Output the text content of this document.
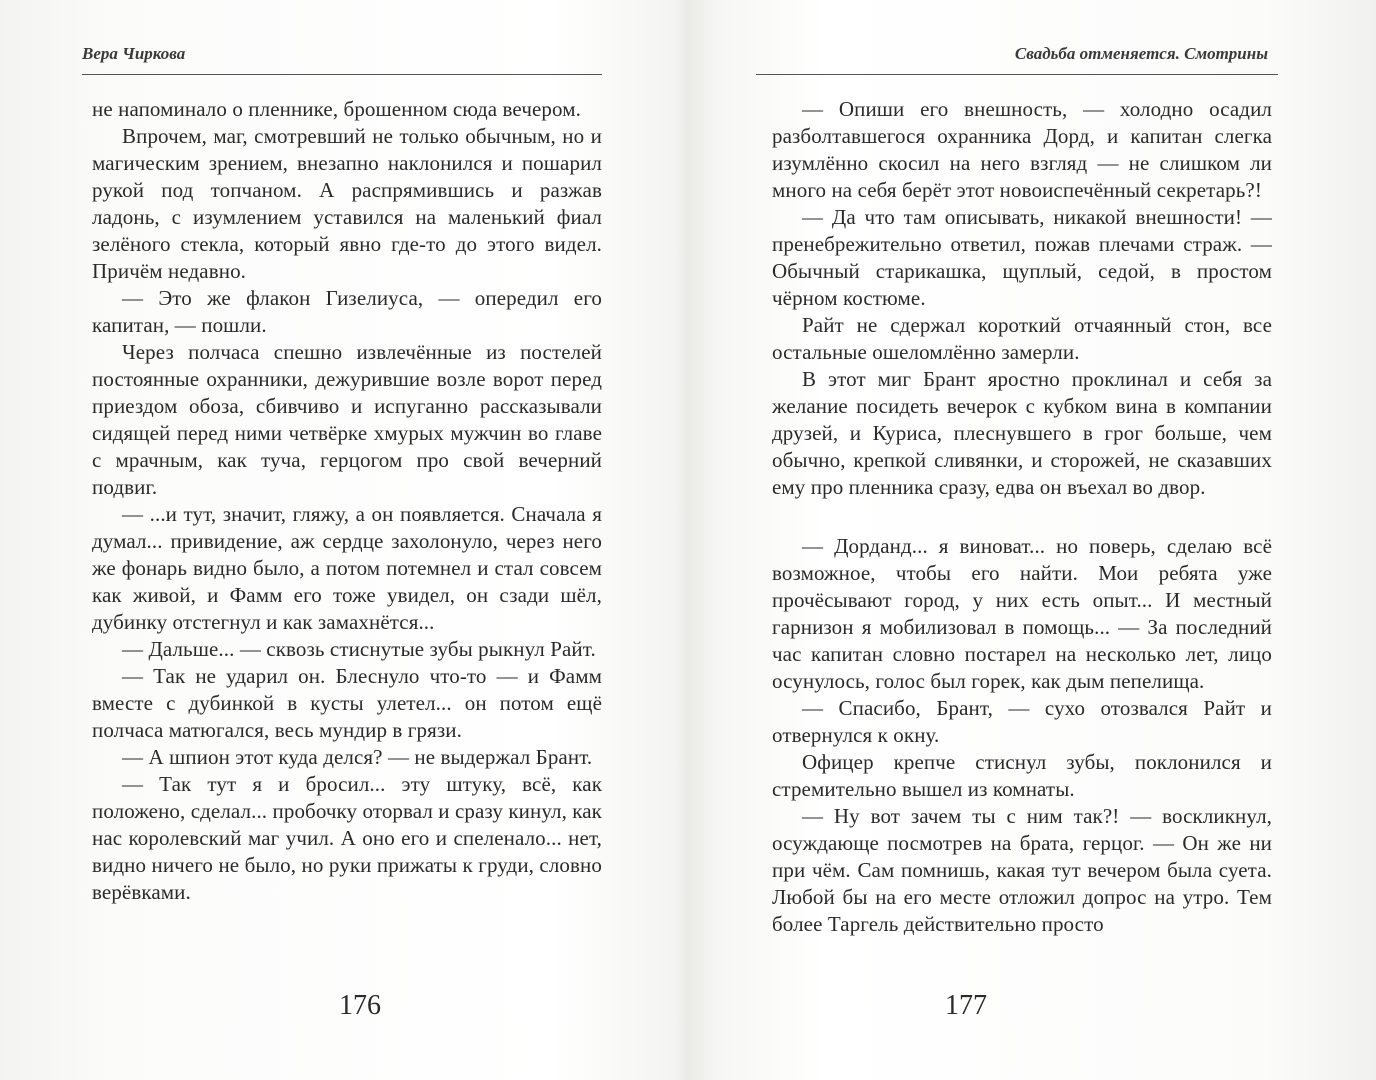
Вера Чиркова

не напоминало о пленнике, брошенном сюда вечером.

Впрочем, маг, смотревший не только обычным, но и магическим зрением, внезапно наклонился и пошарил рукой под топчаном. А распрямившись и разжав ладонь, с изумлением уставился на маленький фиал зелёного стекла, который явно где-то до этого видел. Причём недавно.

— Это же флакон Гизелиуса, — опередил его капитан, — пошли.

Через полчаса спешно извлечённые из постелей постоянные охранники, дежурившие возле ворот перед приездом обоза, сбивчиво и испуганно рассказывали сидящей перед ними четвёрке хмурых мужчин во главе с мрачным, как туча, герцогом про свой вечерний подвиг.

— ...и тут, значит, гляжу, а он появляется. Сначала я думал... привидение, аж сердце захолонуло, через него же фонарь видно было, а потом потемнел и стал совсем как живой, и Фамм его тоже увидел, он сзади шёл, дубинку отстегнул и как замахнётся...

— Дальше... — сквозь стиснутые зубы рыкнул Райт.

— Так не ударил он. Блеснуло что-то — и Фамм вместе с дубинкой в кусты улетел... он потом ещё полчаса матюгался, весь мундир в грязи.

— А шпион этот куда делся? — не выдержал Брант.

— Так тут я и бросил... эту штуку, всё, как положено, сделал... пробочку оторвал и сразу кинул, как нас королевский маг учил. А оно его и спеленало... нет, видно ничего не было, но руки прижаты к груди, словно верёвками.

176
Свадьба отменяется. Смотрины

— Опиши его внешность, — холодно осадил разболтавшегося охранника Дорд, и капитан слегка изумлённо скосил на него взгляд — не слишком ли много на себя берёт этот новоиспечённый секретарь?!

— Да что там описывать, никакой внешности! — пренебрежительно ответил, пожав плечами страж. — Обычный старикашка, щуплый, седой, в простом чёрном костюме.

Райт не сдержал короткий отчаянный стон, все остальные ошеломлённо замерли.

В этот миг Брант яростно проклинал и себя за желание посидеть вечерок с кубком вина в компании друзей, и Куриса, плеснувшего в грог больше, чем обычно, крепкой сливянки, и сторожей, не сказавших ему про пленника сразу, едва он въехал во двор.

— Дорданд... я виноват... но поверь, сделаю всё возможное, чтобы его найти. Мои ребята уже прочёсывают город, у них есть опыт... И местный гарнизон я мобилизовал в помощь... — За последний час капитан словно постарел на несколько лет, лицо осунулось, голос был горек, как дым пепелища.

— Спасибо, Брант, — сухо отозвался Райт и отвернулся к окну.

Офицер крепче стиснул зубы, поклонился и стремительно вышел из комнаты.

— Ну вот зачем ты с ним так?! — воскликнул, осуждающе посмотрев на брата, герцог. — Он же ни при чём. Сам помнишь, какая тут вечером была суета. Любой бы на его месте отложил допрос на утро. Тем более Таргель действительно просто

177
